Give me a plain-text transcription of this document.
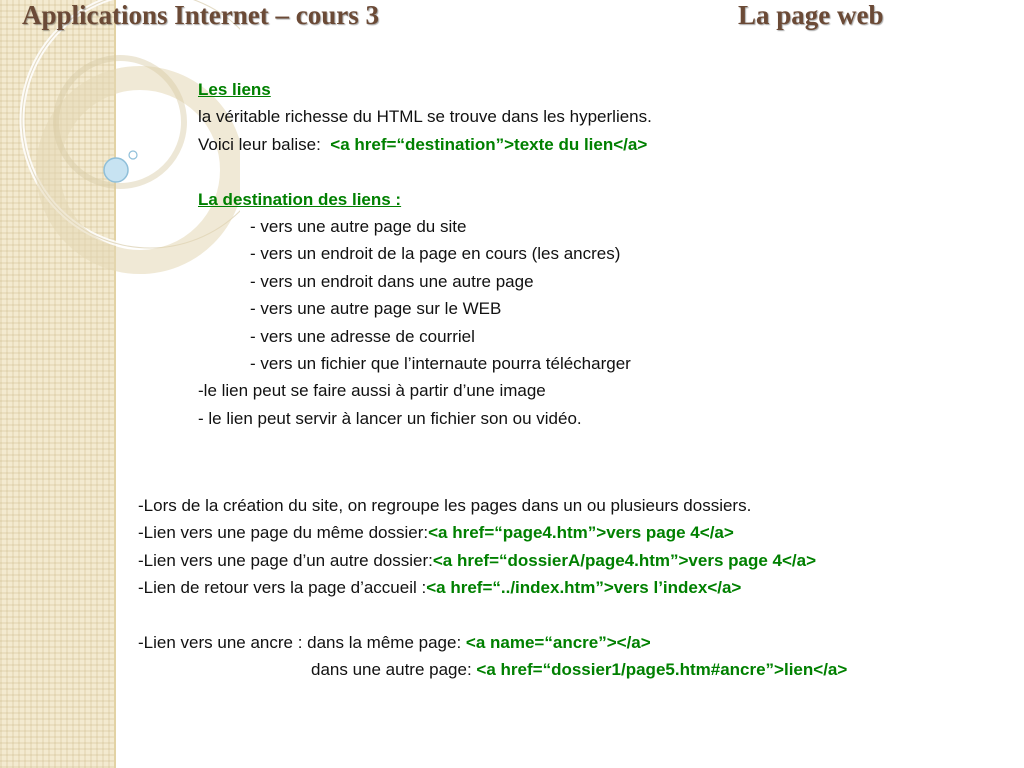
Applications Internet – cours 3	La page web
Les liens
la véritable richesse du HTML se trouve dans les hyperliens.
Voici leur balise: <a href=“destination”>texte du lien</a>
La destination des liens :
- vers une autre page du site
- vers un endroit de la page en cours (les ancres)
- vers un endroit dans une autre page
- vers une autre page sur le WEB
- vers une adresse de courriel
- vers un fichier que l’internaute pourra télécharger
-le lien peut se faire aussi à partir d’une image
- le lien peut servir à lancer un fichier son ou vidéo.
-Lors de la création du site, on regroupe les pages dans un ou plusieurs dossiers.
-Lien vers une page du même dossier:<a href=“page4.htm”>vers page 4</a>
-Lien vers une page d’un autre dossier:<a href=“dossierA/page4.htm”>vers page 4</a>
-Lien de retour vers la page d’accueil :<a href=“../index.htm”>vers l’index</a>
-Lien vers une ancre : dans la même page: <a name=“ancre”></a>
dans une autre page: <a href=“dossier1/page5.htm#ancre”>lien</a>
